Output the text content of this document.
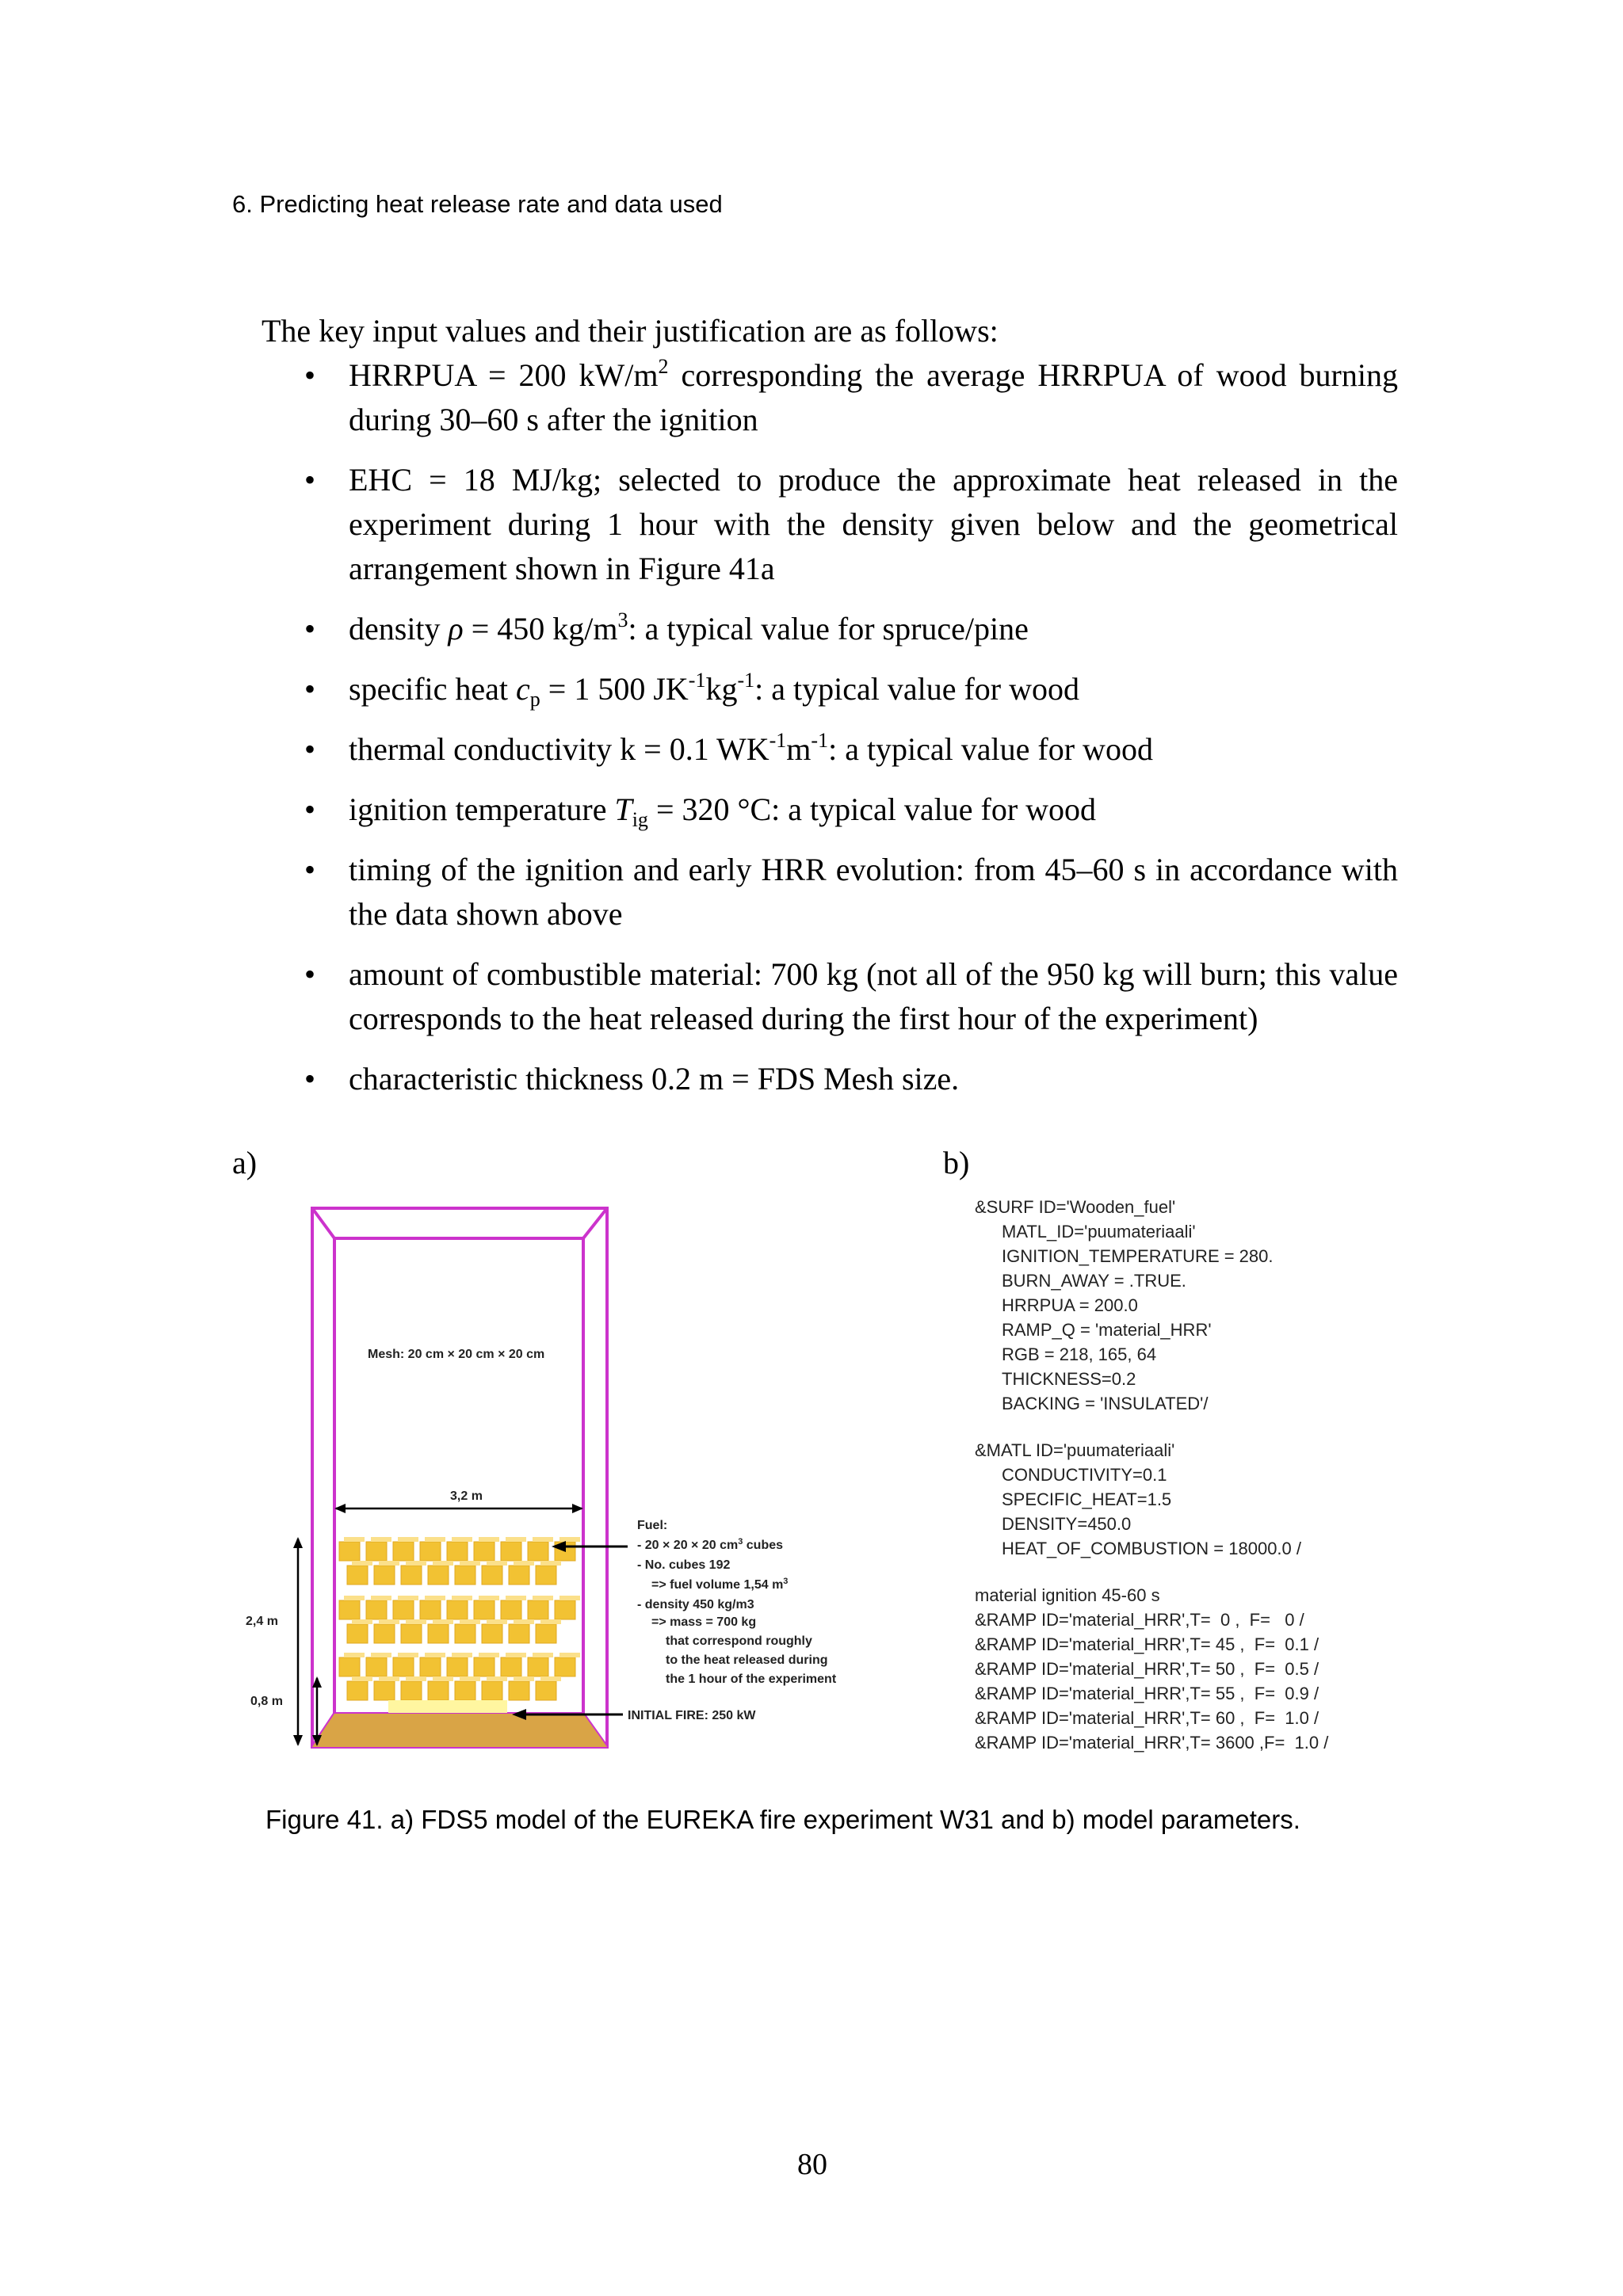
6. Predicting heat release rate and data used
The key input values and their justification are as follows:
• HRRPUA = 200 $kW/m^2$ corresponding the average HRRPUA of wood burning during 30–60 s after the ignition
• EHC = 18 MJ/kg; selected to produce the approximate heat released in the experiment during 1 hour with the density given below and the geometrical arrangement shown in Figure 41a
• density ρ = 450 $kg/m^3$: a typical value for spruce/pine
• specific heat $c_p = 1$ 500 $JK^{-1}kg^{-1}$: a typical value for wood
• thermal conductivity k = 0.1 $WK^{-1}m^{-1}$: a typical value for wood
• ignition temperature $T_{ig} = 320$ °C: a typical value for wood
• timing of the ignition and early HRR evolution: from 45–60 s in accordance with the data shown above
• amount of combustible material: 700 kg (not all of the 950 kg will burn; this value corresponds to the heat released during the first hour of the experiment)
• characteristic thickness 0.2 m = FDS Mesh size.
a)	b)
Mesh: 20 cm × 20 cm × 20 cm
3,2 m
2,4 m
0,8 m
Fuel:
- 20 × 20 × 20 $cm^3$ cubes
- No. cubes 192
=> fuel volume 1,54 $m^3$
- density 450 kg/m3
=> mass = 700 kg
that correspond roughly
to the heat released during
the 1 hour of the experiment
INITIAL FIRE: 250 kW
&SURF ID='Wooden_fuel'
MATL_ID='puumateriaali'
IGNITION_TEMPERATURE = 280.
BURN_AWAY = .TRUE.
HRRPUA = 200.0
RAMP_Q = 'material_HRR'
RGB = 218, 165, 64
THICKNESS=0.2
BACKING = 'INSULATED'/
&MATL ID='puumateriaali'
CONDUCTIVITY=0.1
SPECIFIC_HEAT=1.5
DENSITY=450.0
HEAT_OF_COMBUSTION = 18000.0 /
material ignition 45-60 s
&RAMP ID='material_HRR',T=  0 ,  F=   0 /
&RAMP ID='material_HRR',T= 45 ,  F=  0.1 /
&RAMP ID='material_HRR',T= 50 ,  F=  0.5 /
&RAMP ID='material_HRR',T= 55 ,  F=  0.9 /
&RAMP ID='material_HRR',T= 60 ,  F=  1.0 /
&RAMP ID='material_HRR',T= 3600 ,F=  1.0 /
Figure 41. a) FDS5 model of the EUREKA fire experiment W31 and b) model parameters.
80
